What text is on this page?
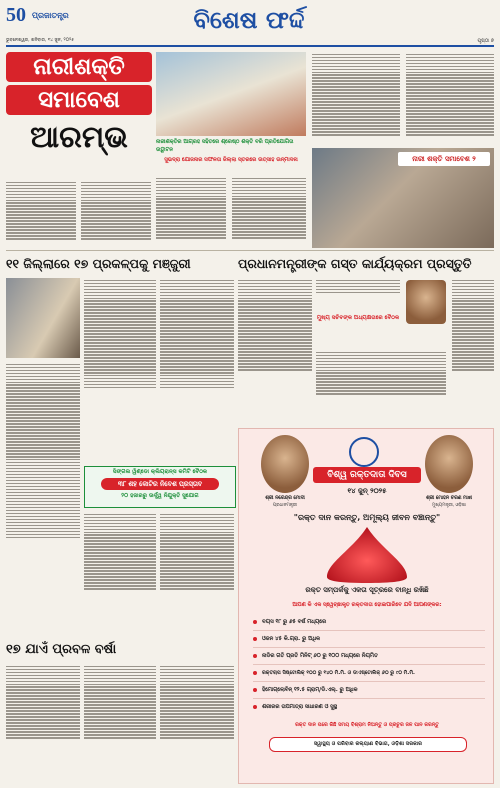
50 ପ୍ରଜାତନ୍ତ୍ର
ଭୁବନେଶ୍ୱର, ଶନିବାର, ୧୪ ଜୁନ, ୨୦୨୫
ବିଶେଷ ଫର୍ଦ୍ଦ
ପୃଷ୍ଠା ୭
ନାରୀଶକ୍ତି
ସମାବେଶ
ଆରମ୍ଭ	ନାରୀଶକ୍ତିର ଆଗ୍ରହ ସହିତରେ ଶ୍ରେଷ୍ଠ ଶକ୍ତି ବରି ପ୍ରତିଯୋଗିତା ଉଦ୍ଘାଟନ
ସୁଭଦ୍ରା ଯୋଜନାର ସଫଳତା ଜିଲ୍ଲା ସ୍ତରରେ ଉତ୍ସାହ ଉନ୍ମାଦନା	ନାରୀ ଶକ୍ତି ସମାବେଶ ୨
୧୧ ଜିଲ୍ଲାରେ ୧୭ ପ୍ରକଳ୍ପକୁ ମଞ୍ଜୁରୀ
ସିଙ୍ଗଲ ୱିଣ୍ଡୋ କ୍ଲିୟରାନ୍ସ କମିଟି ବୈଠକ
୩୮ ଶହ କୋଟିର ନିବେଶ ପ୍ରସ୍ତାବ
୨୦ ହଜାରରୁ ଊର୍ଦ୍ଧ୍ୱ ନିଯୁକ୍ତି ସୁଯୋଗ
ପ୍ରଧାନମନ୍ତ୍ରୀଙ୍କ ଗସ୍ତ କାର୍ଯ୍ୟକ୍ରମ ପ୍ରସ୍ତୁତି
ମୁଖ୍ୟ ସଚିବଙ୍କ ଅଧ୍ୟକ୍ଷତାରେ ବୈଠକ
୧୭ ଯାଏଁ ପ୍ରବଳ ବର୍ଷା
ଶ୍ରୀ ନରେନ୍ଦ୍ର ମୋଦୀ
ପ୍ରଧାନମନ୍ତ୍ରୀ
ଶ୍ରୀ ମୋହନ ଚରଣ ମାଝୀ
ମୁଖ୍ୟମନ୍ତ୍ରୀ, ଓଡ଼ିଶା
ବିଶ୍ୱ ରକ୍ତଦାତା ଦିବସ
୧୪ ଜୁନ୍ ୨୦୨୫
"ରକ୍ତ ଦାନ କରନ୍ତୁ, ଅମୂଲ୍ୟ ଜୀବନ ବଞ୍ଚାନ୍ତୁ"
ରକ୍ତ ସମ୍ପର୍କକୁ ଏକତା ସୂତ୍ରରେ ବାନ୍ଧି ରଖିଛି
ଆପଣ କି ଏକ ସ୍ୱେଚ୍ଛାକୃତ ରକ୍ତଦାତା ହୋଇପାରିବେ ଯଦି ଆପଣଙ୍କର:
ବୟସ ୧୮ ରୁ ୬୫ ବର୍ଷ ମଧ୍ୟରେ
ଓଜନ ୪୫ କି.ଗ୍ରା. ରୁ ଅଧିକ
ନାଡିର ଗତି ପ୍ରତି ମିନିଟ୍ ୬୦ ରୁ ୧୦୦ ମଧ୍ୟରେ ନିୟମିତ
ରକ୍ତଚାପ ସିଷ୍ଟୋଲିକ୍ ୧୦୦ ରୁ ୧୪୦ ମି.ମି. ଓ ଡାଏଷ୍ଟୋଲିକ୍ ୬୦ ରୁ ୯୦ ମି.ମି.
ହିମୋଗ୍ଲୋବିନ୍ ୧୨.୫ ଗ୍ରାମ୍/ଡି.ଏଲ୍. ରୁ ଅଧିକ
ଶରୀରର ତାପମାତ୍ରା ସାଧାରଣ ଓ ସୁସ୍ଥ
ରକ୍ତ ଦାନ ପରେ କିଛି ସମୟ ବିଶ୍ରାମ ନିଅନ୍ତୁ ଓ ପ୍ରଚୁର ଜଳ ପାନ କରନ୍ତୁ
ସ୍ୱାସ୍ଥ୍ୟ ଓ ପରିବାର କଲ୍ୟାଣ ବିଭାଗ, ଓଡ଼ିଶା ସରକାର
